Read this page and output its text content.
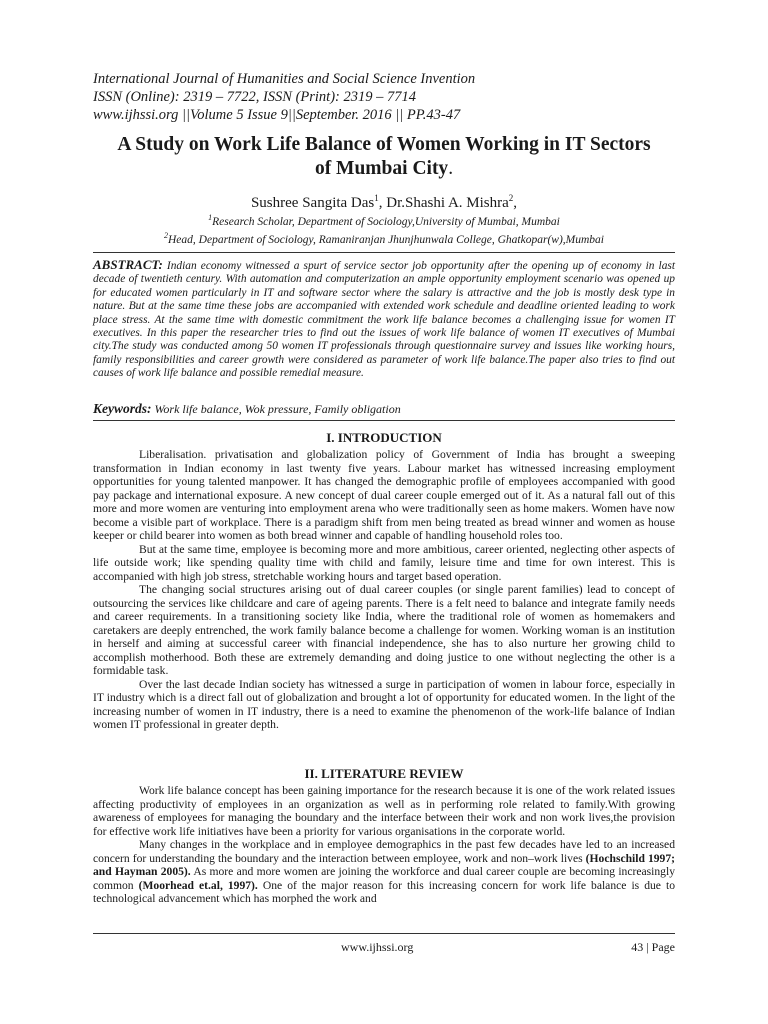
International Journal of Humanities and Social Science Invention
ISSN (Online): 2319 – 7722, ISSN (Print): 2319 – 7714
www.ijhssi.org ||Volume 5 Issue 9||September. 2016 || PP.43-47
A Study on Work Life Balance of Women Working in IT Sectors
of Mumbai City.
Sushree Sangita Das$^1$, Dr.Shashi A. Mishra$^2$,
$^1$Research Scholar, Department of Sociology,University of Mumbai, Mumbai
$^2$Head, Department of Sociology, Ramaniranjan Jhunjhunwala College, Ghatkopar(w),Mumbai
ABSTRACT: Indian economy witnessed a spurt of service sector job opportunity after the opening up of economy in last decade of twentieth century. With automation and computerization an ample opportunity employment scenario was opened up for educated women particularly in IT and software sector where the salary is attractive and the job is mostly desk type in nature. But at the same time these jobs are accompanied with extended work schedule and deadline oriented leading to work place stress. At the same time with domestic commitment the work life balance becomes a challenging issue for women IT executives. In this paper the researcher tries to find out the issues of work life balance of women IT executives of Mumbai city.The study was conducted among 50 women IT professionals through questionnaire survey and issues like working hours, family responsibilities and career growth were considered as parameter of work life balance.The paper also tries to find out causes of work life balance and possible remedial measure.
Keywords: Work life balance, Wok pressure, Family obligation
I. INTRODUCTION

Liberalisation. privatisation and globalization policy of Government of India has brought a sweeping transformation in Indian economy in last twenty five years. Labour market has witnessed increasing employment opportunities for young talented manpower. It has changed the demographic profile of employees accompanied with good pay package and international exposure. A new concept of dual career couple emerged out of it. As a natural fall out of this more and more women are venturing into employment arena who were traditionally seen as home makers. Women have now become a visible part of workplace. There is a paradigm shift from men being treated as bread winner and women as house keeper or child bearer into women as both bread winner and capable of handling household roles too.

But at the same time, employee is becoming more and more ambitious, career oriented, neglecting other aspects of life outside work; like spending quality time with child and family, leisure time and time for own interest. This is accompanied with high job stress, stretchable working hours and target based operation.

The changing social structures arising out of dual career couples (or single parent families) lead to concept of outsourcing the services like childcare and care of ageing parents. There is a felt need to balance and integrate family needs and career requirements. In a transitioning society like India, where the traditional role of women as homemakers and caretakers are deeply entrenched, the work family balance become a challenge for women. Working woman is an institution in herself and aiming at successful career with financial independence, she has to also nurture her growing child to accomplish motherhood. Both these are extremely demanding and doing justice to one without neglecting the other is a formidable task.

Over the last decade Indian society has witnessed a surge in participation of women in labour force, especially in IT industry which is a direct fall out of globalization and brought a lot of opportunity for educated women. In the light of the increasing number of women in IT industry, there is a need to examine the phenomenon of the work-life balance of Indian women IT professional in greater depth.

II. LITERATURE REVIEW

Work life balance concept has been gaining importance for the research because it is one of the work related issues affecting productivity of employees in an organization as well as in performing role related to family.With growing awareness of employees for managing the boundary and the interface between their work and non work lives,the provision for effective work life initiatives have been a priority for various organisations in the corporate world.

Many changes in the workplace and in employee demographics in the past few decades have led to an increased concern for understanding the boundary and the interaction between employee, work and non–work lives (Hochschild 1997; and Hayman 2005). As more and more women are joining the workforce and dual career couple are becoming increasingly common (Moorhead et.al, 1997). One of the major reason for this increasing concern for work life balance is due to technological advancement which has morphed the work and

www.ijhssi.org	43 | Page
